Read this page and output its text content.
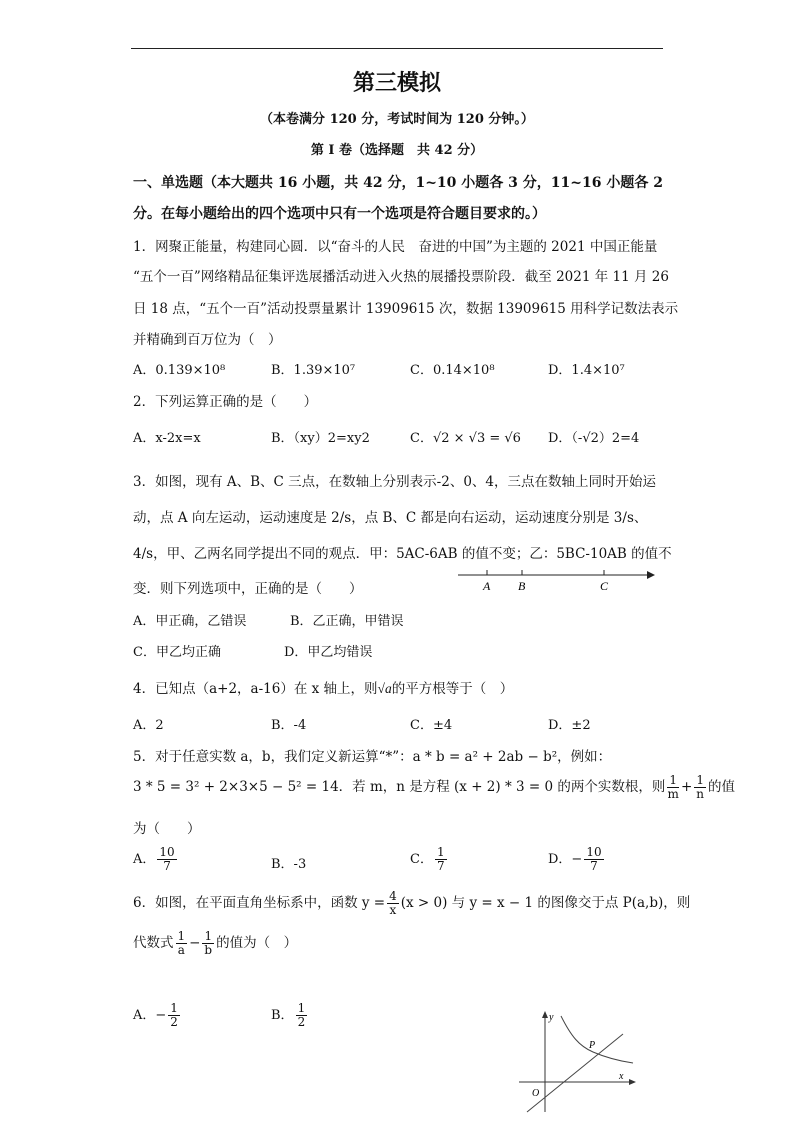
第三模拟
（本卷满分 120 分，考试时间为 120 分钟。）
第 I 卷（选择题　共 42 分）
一、单选题（本大题共 16 小题，共 42 分，1~10 小题各 3 分，11~16 小题各 2
分。在每小题给出的四个选项中只有一个选项是符合题目要求的。）
1．网聚正能量，构建同心圆．以“奋斗的人民　奋进的中国”为主题的 2021 中国正能量
“五个一百”网络精品征集评选展播活动进入火热的展播投票阶段．截至 2021 年 11 月 26
日 18 点，“五个一百”活动投票量累计 13909615 次，数据 13909615 用科学记数法表示
并精确到百万位为（　）
A．0.139×10⁸	B．1.39×10⁷	C．0.14×10⁸	D．1.4×10⁷
2．下列运算正确的是（　　）
A．x-2x=x	B．（xy）2=xy2	C．√2 × √3 = √6 D．（-√2）2=4
3．如图，现有 A、B、C 三点，在数轴上分别表示-2、0、4，三点在数轴上同时开始运
动，点 A 向左运动，运动速度是 2/s，点 B、C 都是向右运动，运动速度分别是 3/s、
4/s，甲、乙两名同学提出不同的观点．甲：5AC-6AB 的值不变；乙：5BC-10AB 的值不
变．则下列选项中，正确的是（　　）	A B	C
A．甲正确，乙错误	B．乙正确，甲错误
C．甲乙均正确	D．甲乙均错误
4．已知点（a+2，a-16）在 x 轴上，则√a的平方根等于（　）
A．2	B．-4	C．±4	D．±2
5．对于任意实数 a，b，我们定义新运算“*”：a * b = a² + 2ab − b²，例如：
3 * 5 = 3² + 2×3×5 − 5² = 14．若 m，n 是方程 (x + 2) * 3 = 0 的两个实数根，则 $\frac{1}{m} + \frac{1}{n}$ 的值
为（　　）
A． $\frac{10}{7}$	B．-3	C． $\frac{1}{7}$	D．− $\frac{10}{7}$
6．如图，在平面直角坐标系中，函数 $y = \frac{4}{x} (x > 0)$ 与 y = x − 1 的图像交于点 P(a,b)，则
代数式 $\frac{1}{a} - \frac{1}{b}$ 的值为（　）
A．− $\frac{1}{2}$	B． $\frac{1}{2}$	y
x
O
P
